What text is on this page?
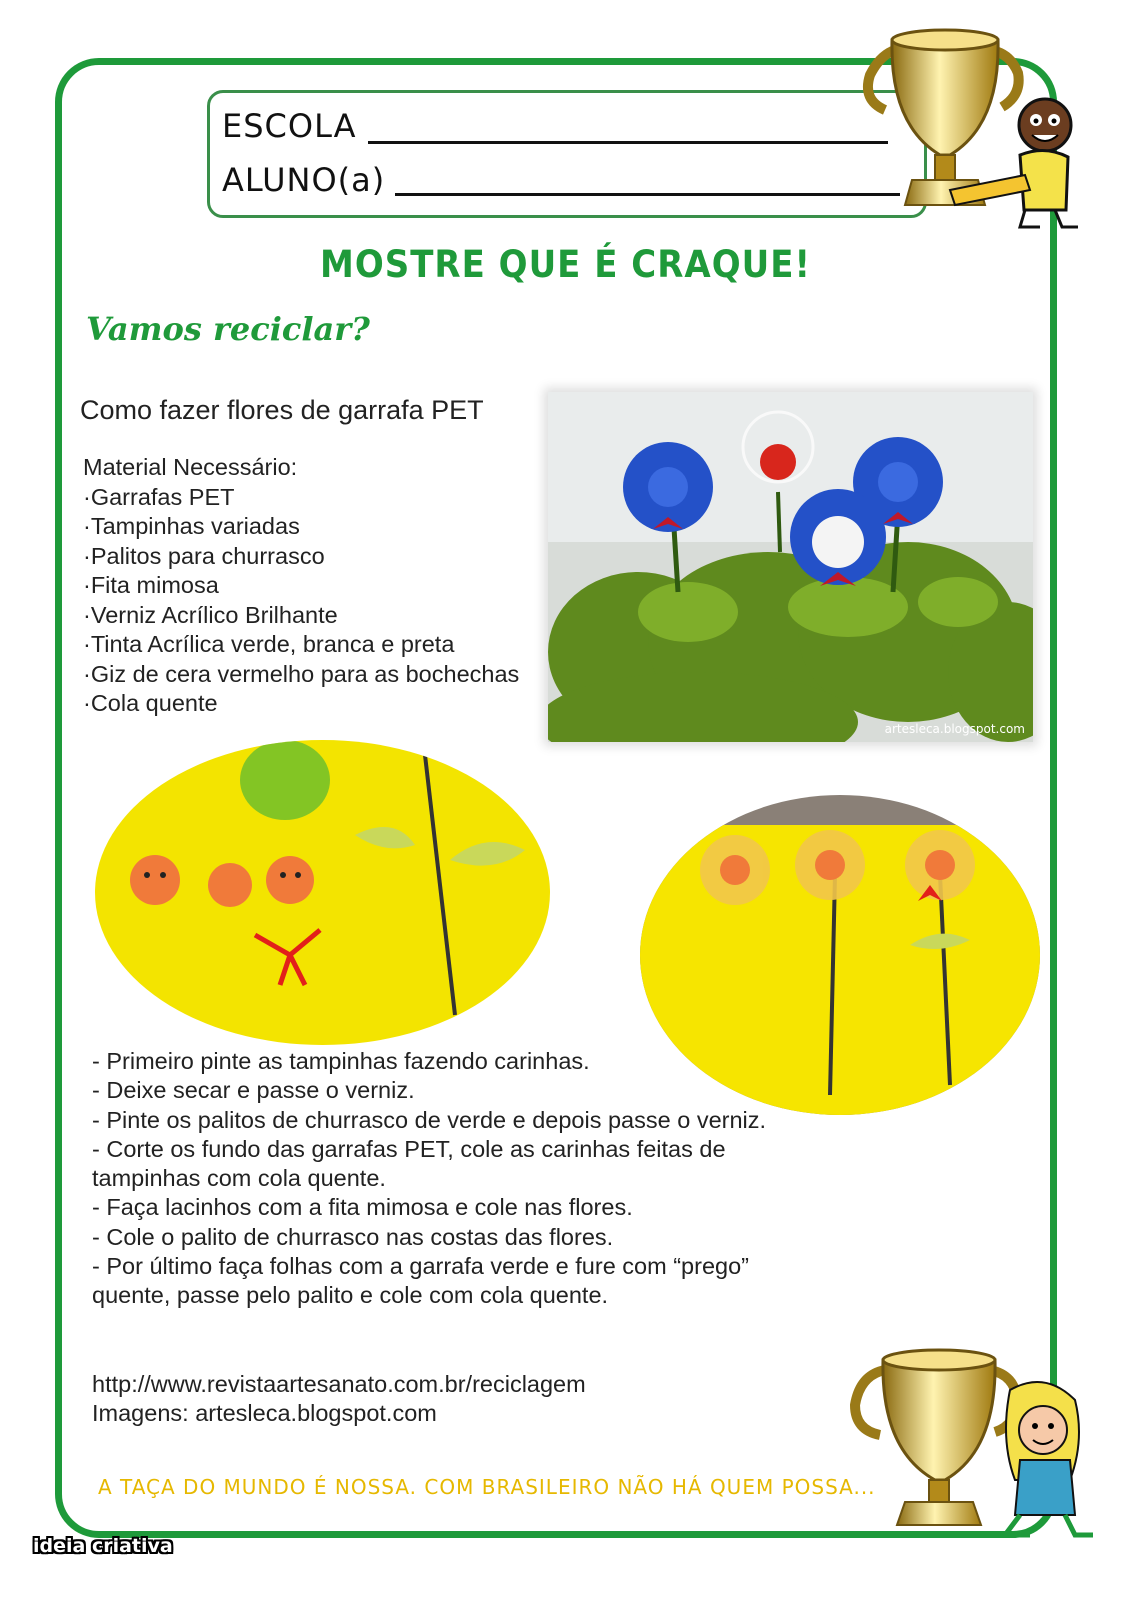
ESCOLA
ALUNO(a)
MOSTRE QUE É CRAQUE!
Vamos reciclar?
Como fazer flores de garrafa PET
Material Necessário:
·Garrafas PET
·Tampinhas variadas
·Palitos para churrasco
·Fita mimosa
·Verniz Acrílico Brilhante
·Tinta Acrílica verde, branca e preta
·Giz de cera vermelho para as bochechas
·Cola quente
artesleca.blogspot.com
- Primeiro pinte as tampinhas fazendo carinhas.
- Deixe secar e passe o verniz.
- Pinte os palitos de churrasco de verde e depois passe o verniz.
- Corte os fundo das garrafas PET, cole as carinhas feitas de tampinhas com cola quente.
- Faça lacinhos com a fita mimosa e cole nas flores.
- Cole o palito de churrasco nas costas das flores.
- Por último faça folhas com a garrafa verde e fure com “prego” quente, passe pelo palito e cole com cola quente.
http://www.revistaartesanato.com.br/reciclagem
Imagens: artesleca.blogspot.com
A TAÇA DO MUNDO É NOSSA. COM BRASILEIRO NÃO HÁ QUEM POSSA...
ideia criativa
